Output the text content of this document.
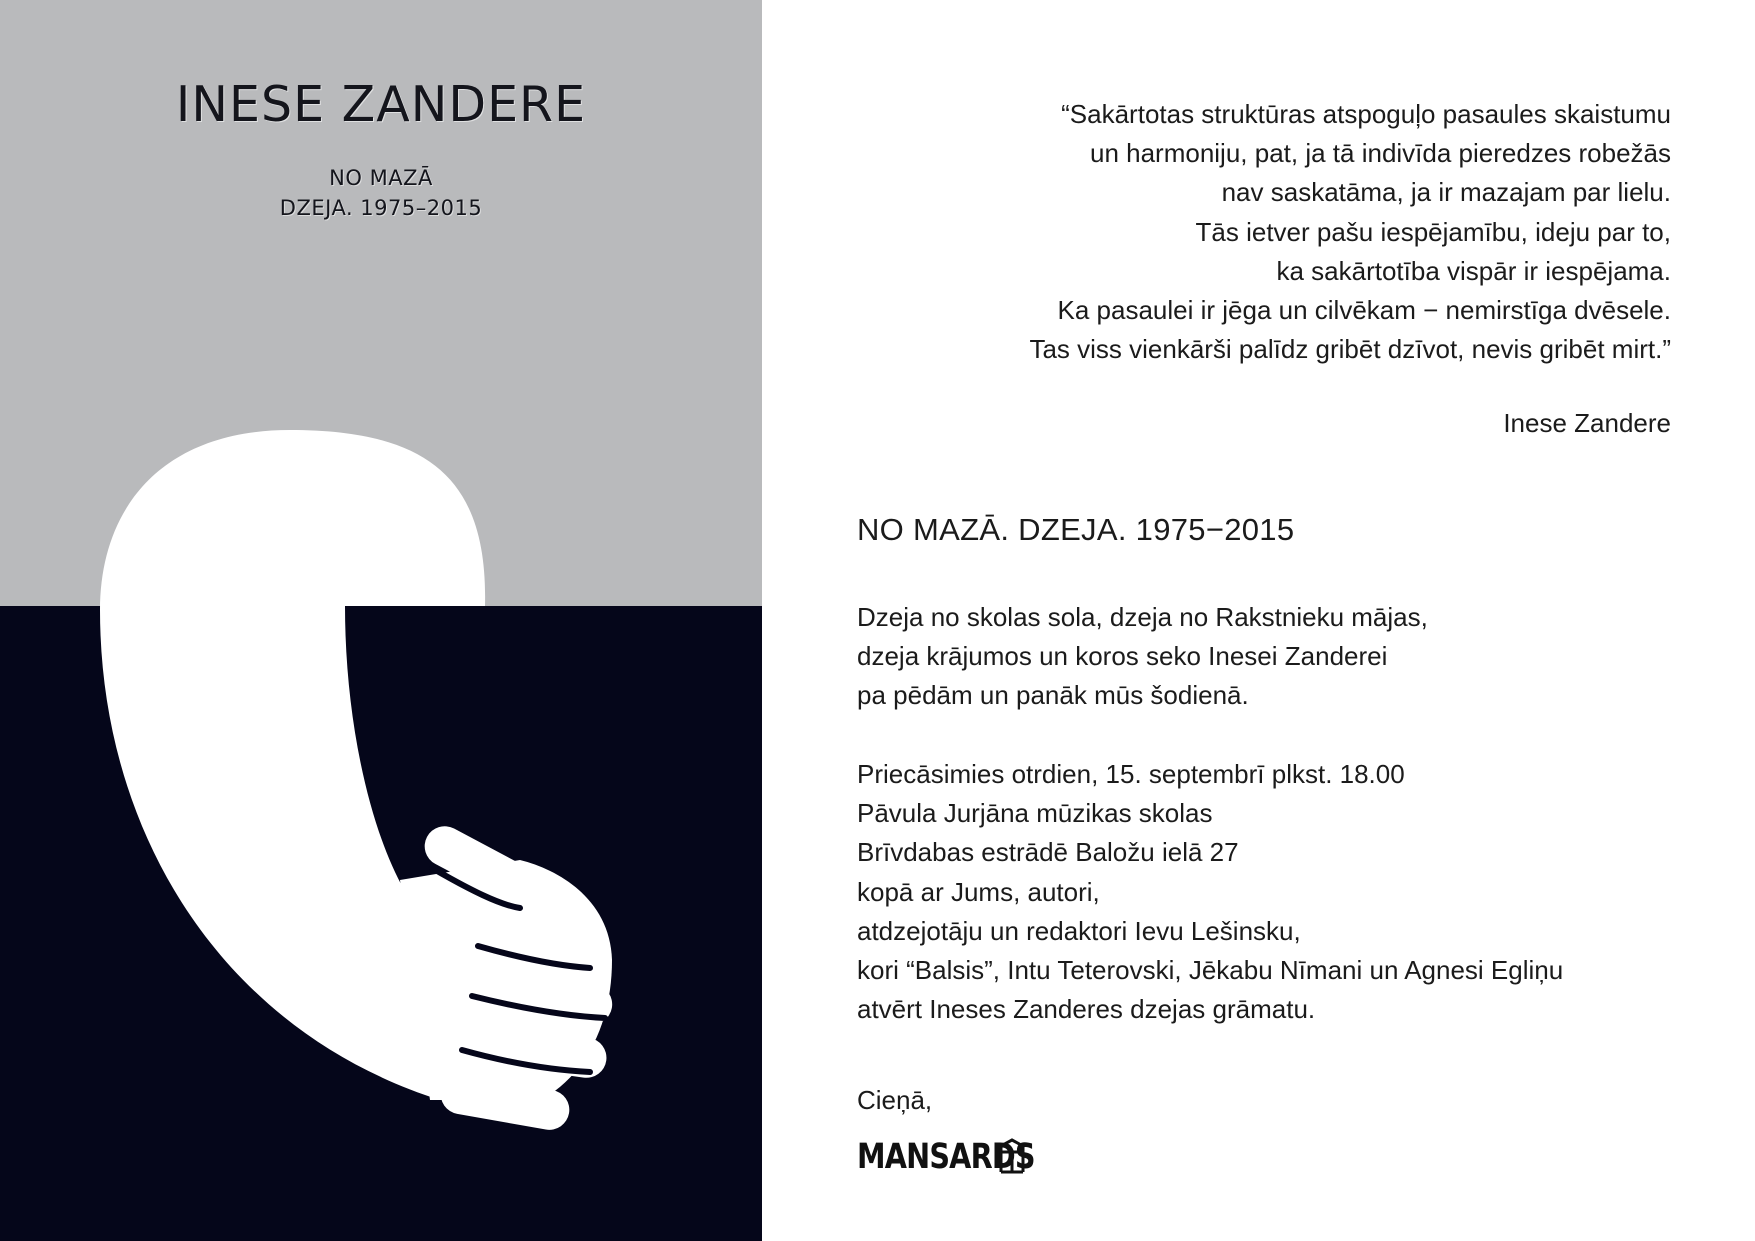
INESE ZANDERE
NO MAZĀ
DZEJA. 1975–2015
“Sakārtotas struktūras atspoguļo pasaules skaistumu
un harmoniju, pat, ja tā indivīda pieredzes robežās
nav saskatāma, ja ir mazajam par lielu.
Tās ietver pašu iespējamību, ideju par to,
ka sakārtotība vispār ir iespējama.
Ka pasaulei ir jēga un cilvēkam − nemirstīga dvēsele.
Tas viss vienkārši palīdz gribēt dzīvot, nevis gribēt mirt.”
Inese Zandere
NO MAZĀ. DZEJA. 1975−2015
Dzeja no skolas sola, dzeja no Rakstnieku mājas,
dzeja krājumos un koros seko Inesei Zanderei
pa pēdām un panāk mūs šodienā.
Priecāsimies otrdien, 15. septembrī plkst. 18.00
Pāvula Jurjāna mūzikas skolas
Brīvdabas estrādē Baložu ielā 27
kopā ar Jums, autori,
atdzejotāju un redaktori Ievu Lešinsku,
kori “Balsis”, Intu Teterovski, Jēkabu Nīmani un Agnesi Egliņu
atvērt Ineses Zanderes dzejas grāmatu.
Cieņā,
MANSARDS
